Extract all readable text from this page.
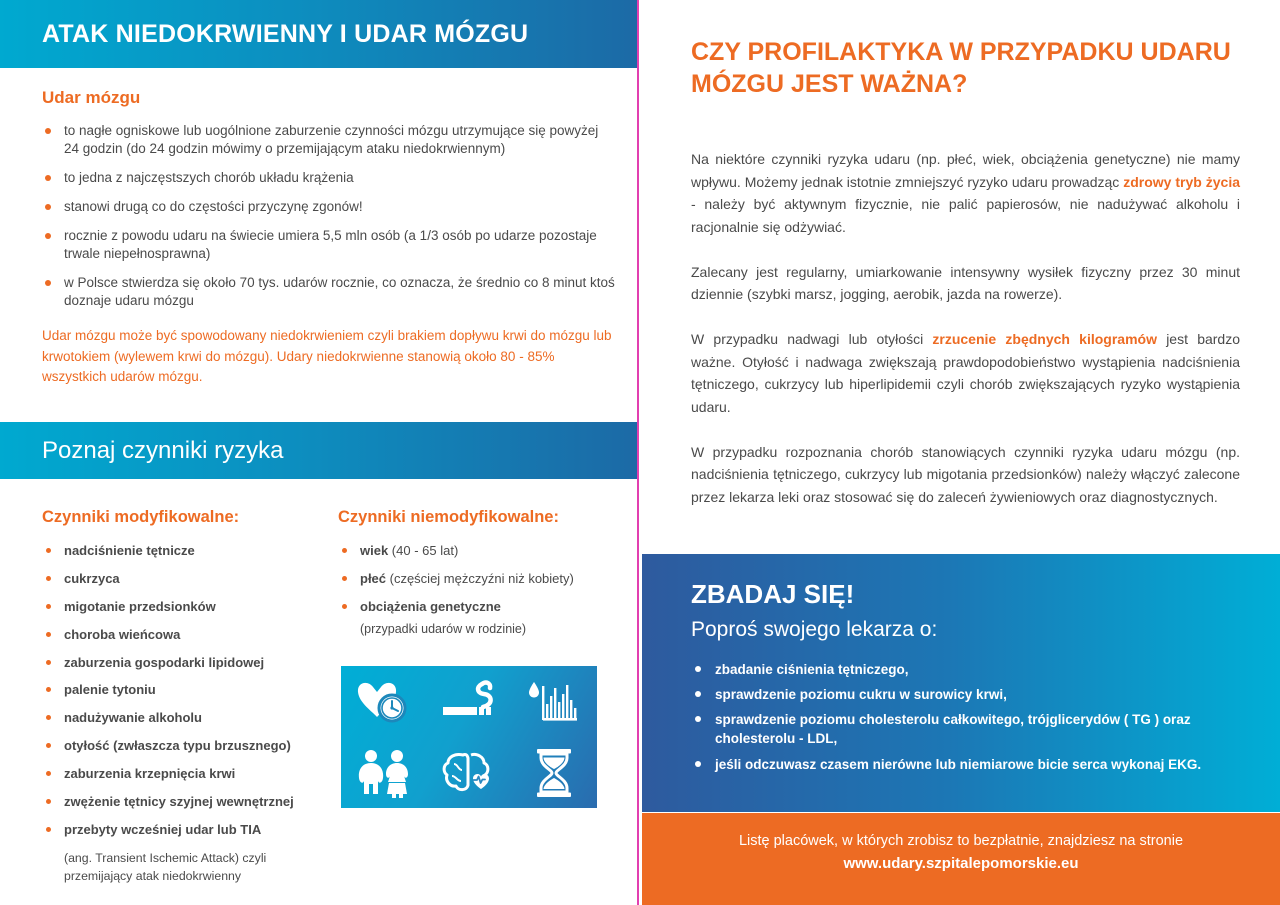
ATAK NIEDOKRWIENNY I UDAR MÓZGU
Udar mózgu
to nagłe ogniskowe lub uogólnione zaburzenie czynności mózgu utrzymujące się powyżej 24 godzin (do 24 godzin mówimy o przemijającym ataku niedokrwiennym)
to jedna z najczęstszych chorób układu krążenia
stanowi drugą co do częstości przyczynę zgonów!
rocznie z powodu udaru na świecie umiera 5,5 mln osób (a 1/3 osób po udarze pozostaje trwale niepełnosprawna)
w Polsce stwierdza się około 70 tys. udarów rocznie, co oznacza, że średnio co 8 minut ktoś doznaje udaru mózgu
Udar mózgu może być spowodowany niedokrwieniem czyli brakiem dopływu krwi do mózgu lub krwotokiem (wylewem krwi do mózgu). Udary niedokrwienne stanowią około 80 - 85% wszystkich udarów mózgu.
Poznaj czynniki ryzyka
Czynniki modyfikowalne:
nadciśnienie tętnicze
cukrzyca
migotanie przedsionków
choroba wieńcowa
zaburzenia gospodarki lipidowej
palenie tytoniu
nadużywanie alkoholu
otyłość (zwłaszcza typu brzusznego)
zaburzenia krzepnięcia krwi
zwężenie tętnicy szyjnej wewnętrznej
przebyty wcześniej udar lub TIA
(ang. Transient Ischemic Attack) czyli przemijający atak niedokrwienny
Czynniki niemodyfikowalne:
wiek (40 - 65 lat)
płeć (częściej mężczyźni niż kobiety)
obciążenia genetyczne
(przypadki udarów w rodzinie)
CZY PROFILAKTYKA W PRZYPADKU UDARU MÓZGU JEST WAŻNA?

Na niektóre czynniki ryzyka udaru (np. płeć, wiek, obciążenia genetyczne) nie mamy wpływu. Możemy jednak istotnie zmniejszyć ryzyko udaru prowadząc zdrowy tryb życia - należy być aktywnym fizycznie, nie palić papierosów, nie nadużywać alkoholu i racjonalnie się odżywiać.

Zalecany jest regularny, umiarkowanie intensywny wysiłek fizyczny przez 30 minut dziennie (szybki marsz, jogging, aerobik, jazda na rowerze).

W przypadku nadwagi lub otyłości zrzucenie zbędnych kilogramów jest bardzo ważne. Otyłość i nadwaga zwiększają prawdopodobieństwo wystąpienia nadciśnienia tętniczego, cukrzycy lub hiperlipidemii czyli chorób zwiększających ryzyko wystąpienia udaru.

W przypadku rozpoznania chorób stanowiących czynniki ryzyka udaru mózgu (np. nadciśnienia tętniczego, cukrzycy lub migotania przedsionków) należy włączyć zalecone przez lekarza leki oraz stosować się do zaleceń żywieniowych oraz diagnostycznych.

ZBADAJ SIĘ!
Poproś swojego lekarza o:
zbadanie ciśnienia tętniczego,
sprawdzenie poziomu cukru w surowicy krwi,
sprawdzenie poziomu cholesterolu całkowitego, trójglicerydów ( TG ) oraz cholesterolu - LDL,
jeśli odczuwasz czasem nierówne lub niemiarowe bicie serca wykonaj EKG.
Listę placówek, w których zrobisz to bezpłatnie, znajdziesz na stronie
www.udary.szpitalepomorskie.eu
